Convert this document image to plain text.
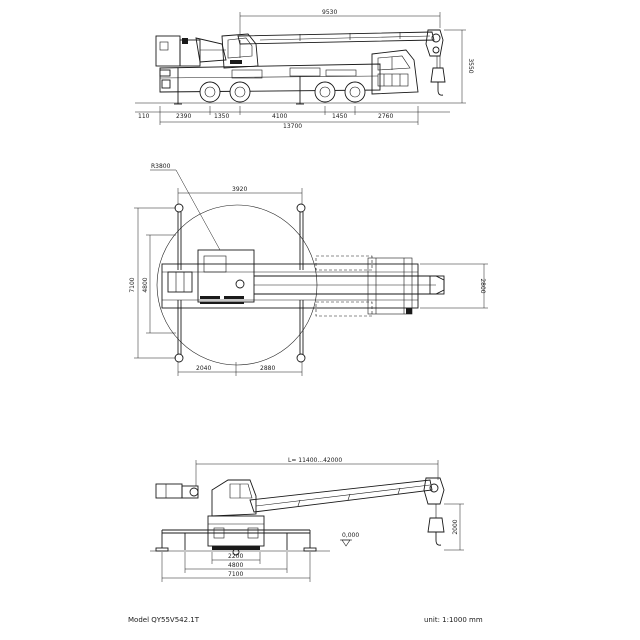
9530
3550
110	2390	1350	4100	1450	2760
13700
R3800
3920
7100 4800	2800
2040	2880
L= 11400...42000
2000
0,000
2200
4800
7100
Model QY55V542.1T	unit: 1:1000 mm
